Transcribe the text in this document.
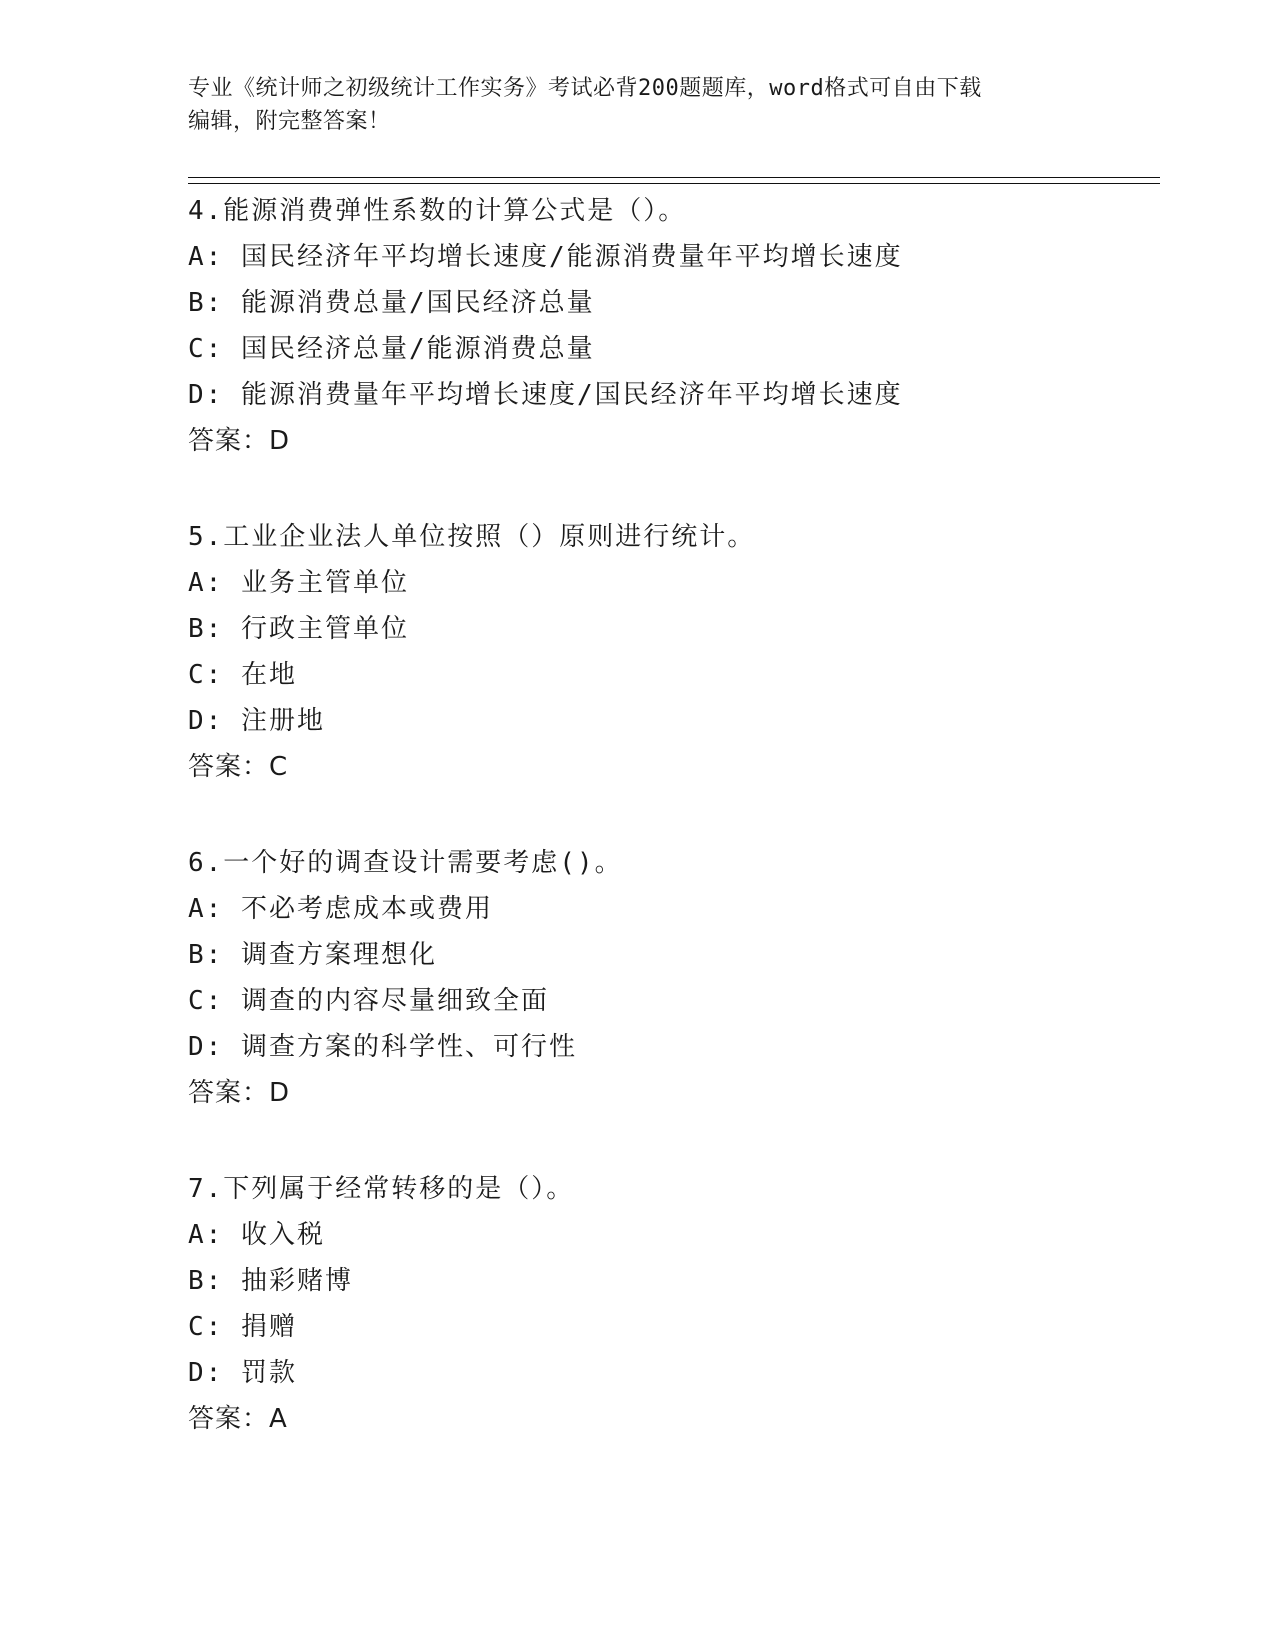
专业《统计师之初级统计工作实务》考试必背200题题库，word格式可自由下载
编辑，附完整答案！
4.能源消费弹性系数的计算公式是（）。
A: 国民经济年平均增长速度/能源消费量年平均增长速度
B: 能源消费总量/国民经济总量
C: 国民经济总量/能源消费总量
D: 能源消费量年平均增长速度/国民经济年平均增长速度
答案：D
5.工业企业法人单位按照（）原则进行统计。
A: 业务主管单位
B: 行政主管单位
C: 在地
D: 注册地
答案：C
6.一个好的调查设计需要考虑()。
A: 不必考虑成本或费用
B: 调查方案理想化
C: 调查的内容尽量细致全面
D: 调查方案的科学性、可行性
答案：D
7.下列属于经常转移的是（）。
A: 收入税
B: 抽彩赌博
C: 捐赠
D: 罚款
答案：A
